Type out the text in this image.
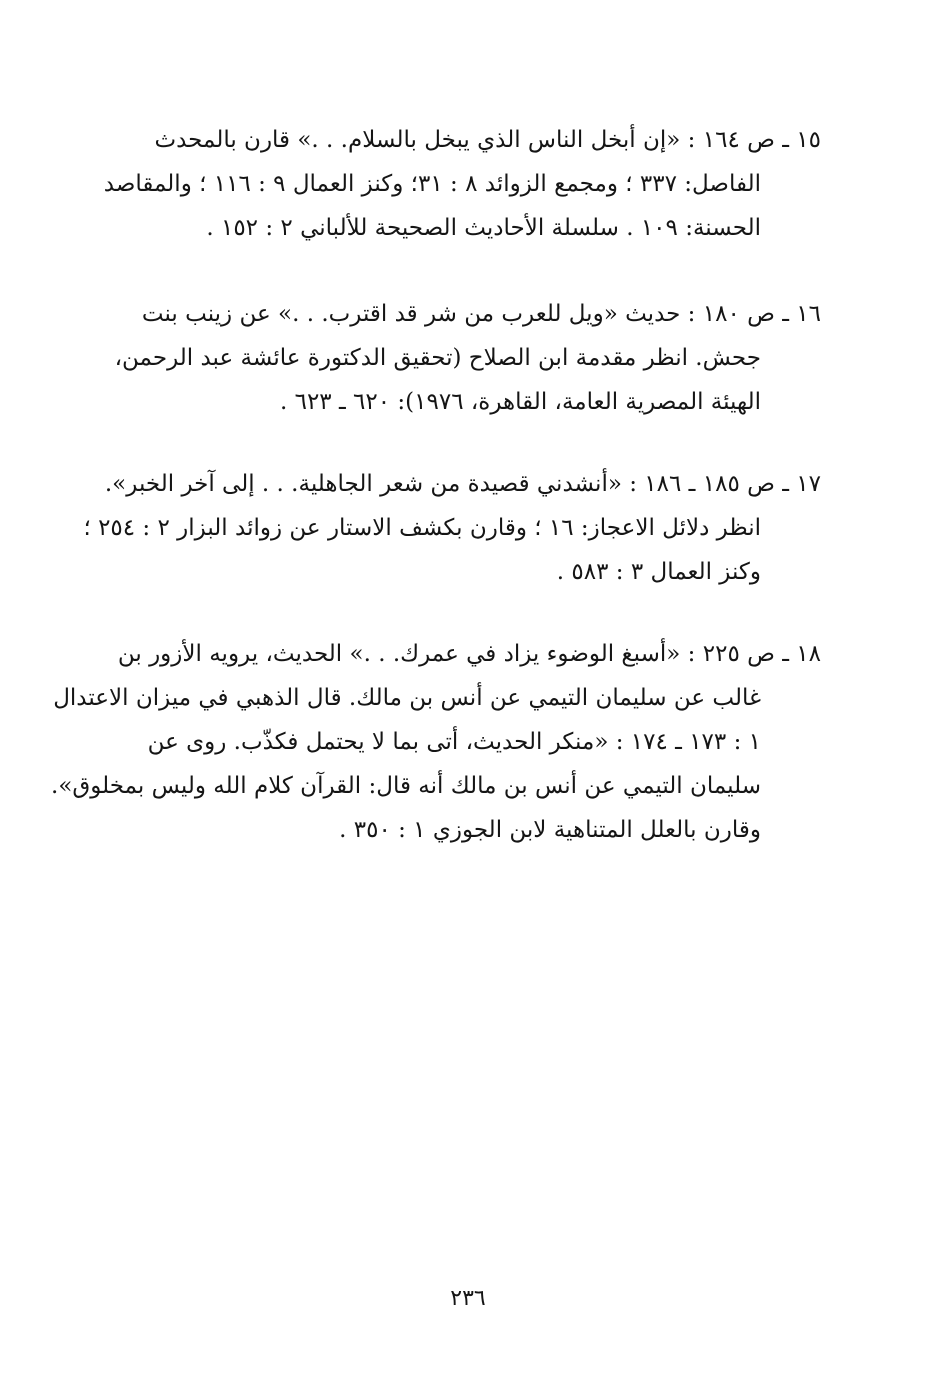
١٥ ـ ص ١٦٤ : «إن أبخل الناس الذي يبخل بالسلام. . .» قارن بالمحدث
الفاصل: ٣٣٧ ؛ ومجمع الزوائد ٨ : ٣١؛ وكنز العمال ٩ : ١١٦ ؛ والمقاصد
الحسنة: ١٠٩ . سلسلة الأحاديث الصحيحة للألباني ٢ : ١٥٢ .
١٦ ـ ص ١٨٠ : حديث «ويل للعرب من شر قد اقترب. . .» عن زينب بنت
جحش. انظر مقدمة ابن الصلاح (تحقيق الدكتورة عائشة عبد الرحمن،
الهيئة المصرية العامة، القاهرة، ١٩٧٦): ٦٢٠ ـ ٦٢٣ .
١٧ ـ ص ١٨٥ ـ ١٨٦ : «أنشدني قصيدة من شعر الجاهلية. . . إلى آخر الخبر».
انظر دلائل الاعجاز: ١٦ ؛ وقارن بكشف الاستار عن زوائد البزار ٢ : ٢٥٤ ؛
وكنز العمال ٣ : ٥٨٣ .
١٨ ـ ص ٢٢٥ : «أسبغ الوضوء يزاد في عمرك. . .» الحديث، يرويه الأزور بن
غالب عن سليمان التيمي عن أنس بن مالك. قال الذهبي في ميزان الاعتدال
١ : ١٧٣ ـ ١٧٤ : «منكر الحديث، أتى بما لا يحتمل فكذّب. روى عن
سليمان التيمي عن أنس بن مالك أنه قال: القرآن كلام الله وليس بمخلوق».
وقارن بالعلل المتناهية لابن الجوزي ١ : ٣٥٠ .
٢٣٦
